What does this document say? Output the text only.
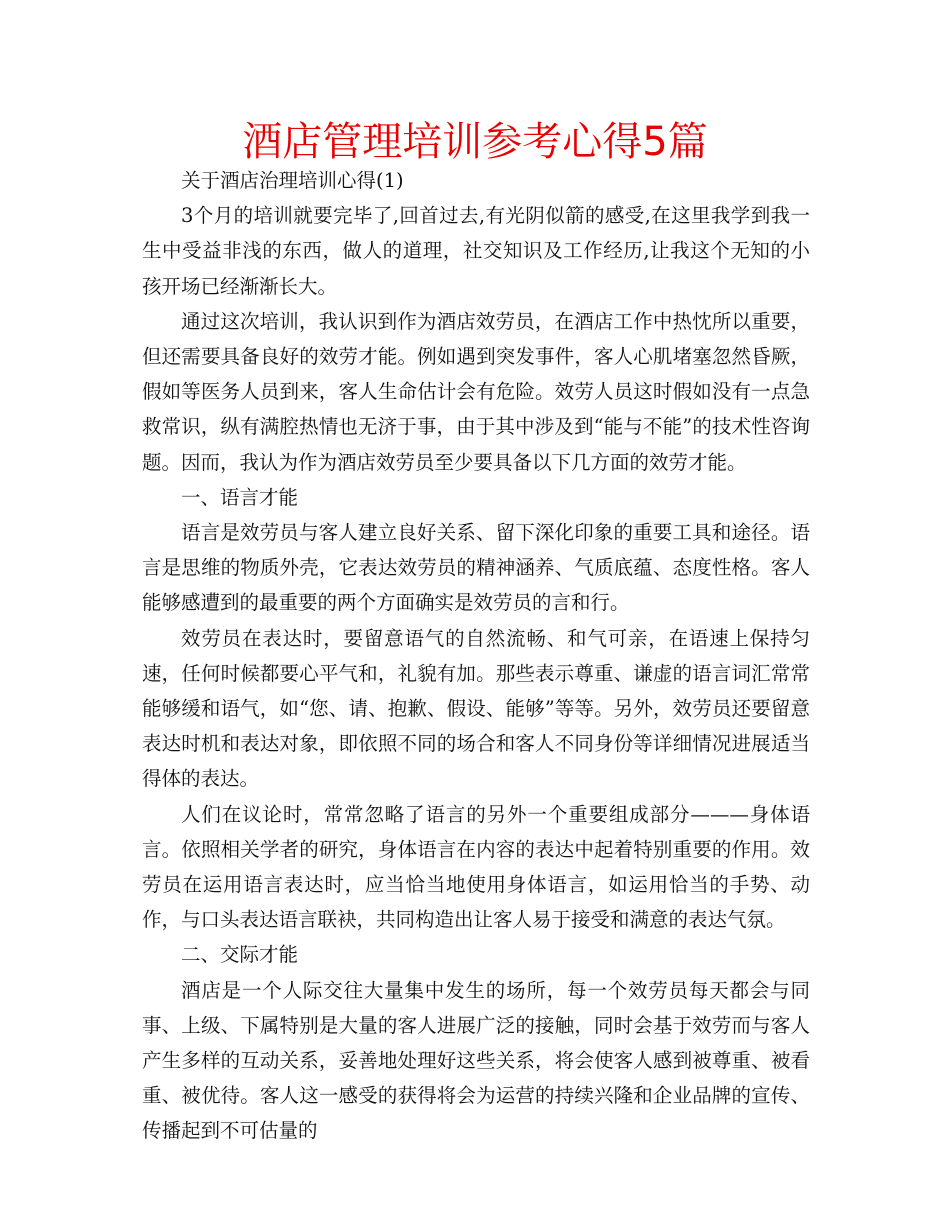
酒店管理培训参考心得5篇

关于酒店治理培训心得(1)

3个月的培训就要完毕了,回首过去,有光阴似箭的感受,在这里我学到我一生中受益非浅的东西，做人的道理，社交知识及工作经历,让我这个无知的小孩开场已经渐渐长大。

通过这次培训，我认识到作为酒店效劳员，在酒店工作中热忱所以重要，但还需要具备良好的效劳才能。例如遇到突发事件，客人心肌堵塞忽然昏厥，假如等医务人员到来，客人生命估计会有危险。效劳人员这时假如没有一点急救常识，纵有满腔热情也无济于事，由于其中涉及到“能与不能”的技术性咨询题。因而，我认为作为酒店效劳员至少要具备以下几方面的效劳才能。

一、语言才能

语言是效劳员与客人建立良好关系、留下深化印象的重要工具和途径。语言是思维的物质外壳，它表达效劳员的精神涵养、气质底蕴、态度性格。客人能够感遭到的最重要的两个方面确实是效劳员的言和行。

效劳员在表达时，要留意语气的自然流畅、和气可亲，在语速上保持匀速，任何时候都要心平气和，礼貌有加。那些表示尊重、谦虚的语言词汇常常能够缓和语气，如“您、请、抱歉、假设、能够”等等。另外，效劳员还要留意表达时机和表达对象，即依照不同的场合和客人不同身份等详细情况进展适当得体的表达。

人们在议论时，常常忽略了语言的另外一个重要组成部分———身体语言。依照相关学者的研究，身体语言在内容的表达中起着特别重要的作用。效劳员在运用语言表达时，应当恰当地使用身体语言，如运用恰当的手势、动作，与口头表达语言联袂，共同构造出让客人易于接受和满意的表达气氛。

二、交际才能

酒店是一个人际交往大量集中发生的场所，每一个效劳员每天都会与同事、上级、下属特别是大量的客人进展广泛的接触，同时会基于效劳而与客人产生多样的互动关系，妥善地处理好这些关系，将会使客人感到被尊重、被看重、被优待。客人这一感受的获得将会为运营的持续兴隆和企业品牌的宣传、传播起到不可估量的
